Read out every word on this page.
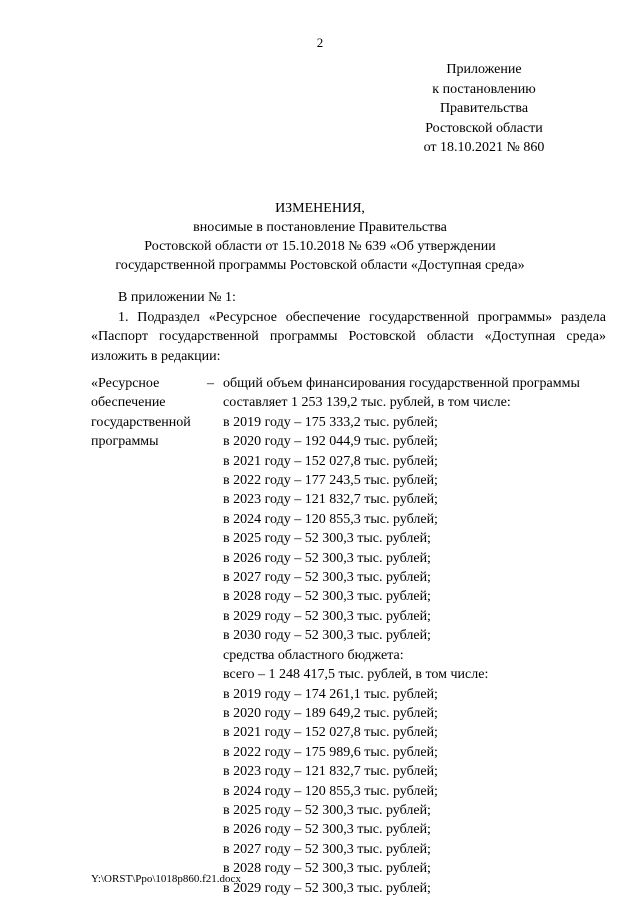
2
Приложение
к постановлению
Правительства
Ростовской области
от 18.10.2021 № 860
ИЗМЕНЕНИЯ,
вносимые в постановление Правительства
Ростовской области от 15.10.2018 № 639 «Об утверждении
государственной программы Ростовской области «Доступная среда»

В приложении № 1:

1. Подраздел «Ресурсное обеспечение государственной программы» раздела «Паспорт государственной программы Ростовской области «Доступная среда» изложить в редакции:

«Ресурсное
обеспечение
государственной
программы
– общий объем финансирования государственной программы
составляет 1 253 139,2 тыс. рублей, в том числе:
в 2019 году – 175 333,2 тыс. рублей;
в 2020 году – 192 044,9 тыс. рублей;
в 2021 году – 152 027,8 тыс. рублей;
в 2022 году – 177 243,5 тыс. рублей;
в 2023 году – 121 832,7 тыс. рублей;
в 2024 году – 120 855,3 тыс. рублей;
в 2025 году – 52 300,3 тыс. рублей;
в 2026 году – 52 300,3 тыс. рублей;
в 2027 году – 52 300,3 тыс. рублей;
в 2028 году – 52 300,3 тыс. рублей;
в 2029 году – 52 300,3 тыс. рублей;
в 2030 году – 52 300,3 тыс. рублей;
средства областного бюджета:
всего – 1 248 417,5 тыс. рублей, в том числе:
в 2019 году – 174 261,1 тыс. рублей;
в 2020 году – 189 649,2 тыс. рублей;
в 2021 году – 152 027,8 тыс. рублей;
в 2022 году – 175 989,6 тыс. рублей;
в 2023 году – 121 832,7 тыс. рублей;
в 2024 году – 120 855,3 тыс. рублей;
в 2025 году – 52 300,3 тыс. рублей;
в 2026 году – 52 300,3 тыс. рублей;
в 2027 году – 52 300,3 тыс. рублей;
в 2028 году – 52 300,3 тыс. рублей;
в 2029 году – 52 300,3 тыс. рублей;
Y:\ORST\Ppo\1018p860.f21.docx
